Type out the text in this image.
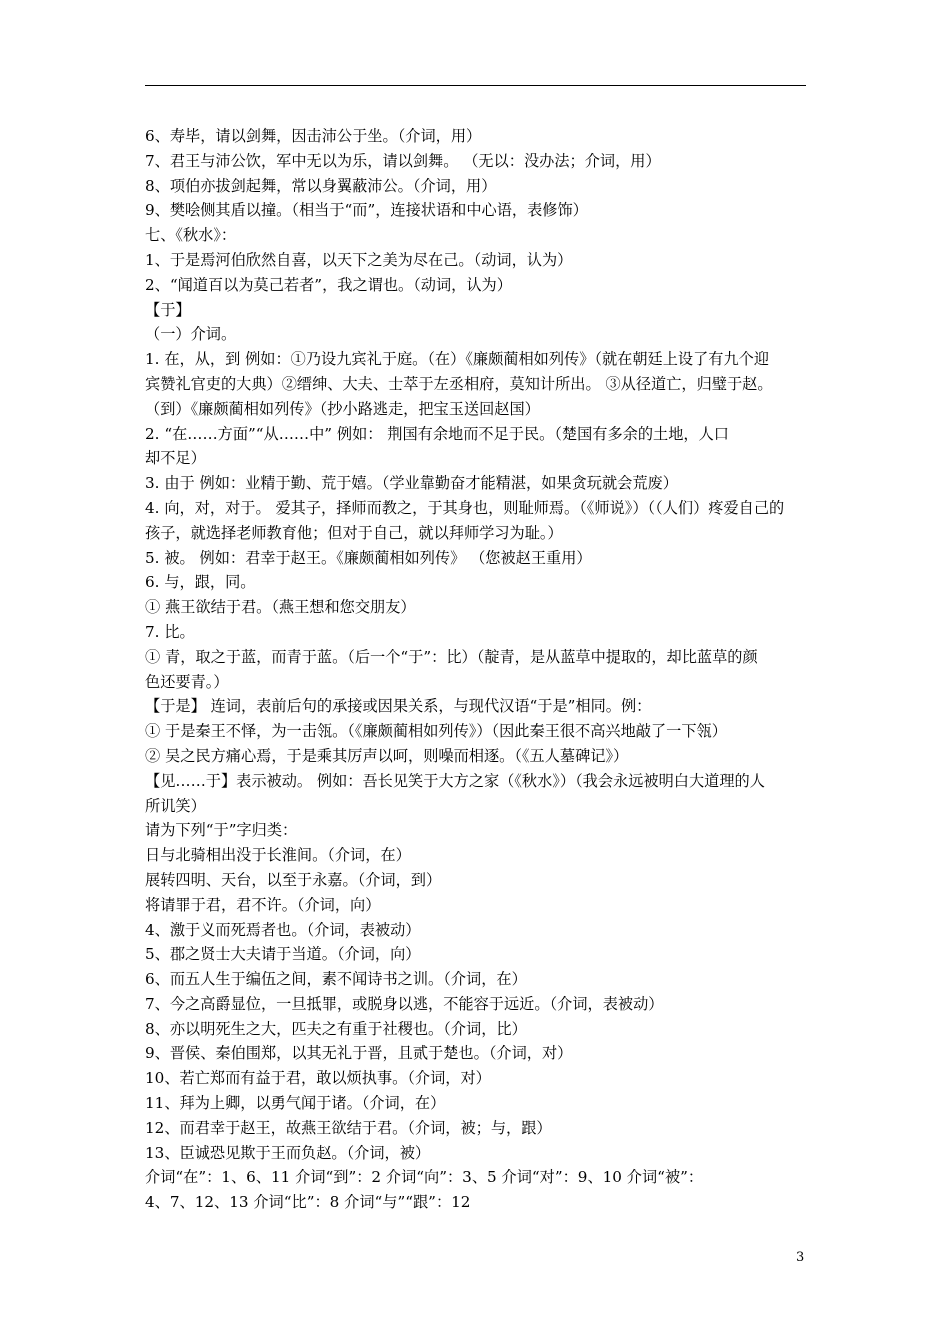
6、寿毕，请以剑舞，因击沛公于坐。（介词，用）
7、君王与沛公饮，军中无以为乐，请以剑舞。 （无以：没办法；介词，用）
8、项伯亦拔剑起舞，常以身翼蔽沛公。（介词，用）
9、樊哙侧其盾以撞。（相当于“而”，连接状语和中心语，表修饰）
七、《秋水》：
1、于是焉河伯欣然自喜，以天下之美为尽在己。（动词，认为）
2、“闻道百以为莫己若者”，我之谓也。（动词，认为）
【于】
（一）介词。
1. 在，从，到 例如：①乃设九宾礼于庭。（在）《廉颇蔺相如列传》（就在朝廷上设了有九个迎
宾赞礼官吏的大典）②缙绅、大夫、士萃于左丞相府，莫知计所出。 ③从径道亡，归璧于赵。
（到）《廉颇蔺相如列传》（抄小路逃走，把宝玉送回赵国）
2. “在……方面”“从……中” 例如： 荆国有余地而不足于民。（楚国有多余的土地，人口
却不足）
3. 由于 例如：业精于勤、荒于嬉。（学业靠勤奋才能精湛，如果贪玩就会荒废）
4. 向，对，对于。 爱其子，择师而教之，于其身也，则耻师焉。（《师说》）（（人们）疼爱自己的
孩子，就选择老师教育他；但对于自己，就以拜师学习为耻。）
5. 被。 例如：君幸于赵王。《廉颇蔺相如列传》 （您被赵王重用）
6. 与，跟，同。
① 燕王欲结于君。（燕王想和您交朋友）
7. 比。
① 青，取之于蓝，而青于蓝。（后一个“于”：比）（靛青，是从蓝草中提取的，却比蓝草的颜
色还要青。）
【于是】 连词，表前后句的承接或因果关系，与现代汉语“于是”相同。例：
① 于是秦王不怿，为一击瓴。（《廉颇蔺相如列传》）（因此秦王很不高兴地敲了一下瓴）
② 吴之民方痛心焉，于是乘其厉声以呵，则噪而相逐。（《五人墓碑记》）
【见……于】表示被动。 例如：吾长见笑于大方之家（《秋水》）（我会永远被明白大道理的人
所讥笑）
请为下列“于”字归类：
日与北骑相出没于长淮间。（介词，在）
展转四明、天台，以至于永嘉。（介词，到）
将请罪于君，君不许。（介词，向）
4、激于义而死焉者也。（介词，表被动）
5、郡之贤士大夫请于当道。（介词，向）
6、而五人生于编伍之间，素不闻诗书之训。（介词，在）
7、今之高爵显位，一旦抵罪，或脱身以逃，不能容于远近。（介词，表被动）
8、亦以明死生之大，匹夫之有重于社稷也。（介词，比）
9、晋侯、秦伯围郑，以其无礼于晋，且贰于楚也。（介词，对）
10、若亡郑而有益于君，敢以烦执事。（介词，对）
11、拜为上卿，以勇气闻于诸。（介词，在）
12、而君幸于赵王，故燕王欲结于君。（介词，被；与，跟）
13、臣诚恐见欺于王而负赵。（介词，被）
介词“在”：1、6、11 介词“到”：2 介词“向”：3、5 介词“对”：9、10 介词“被”：
4、7、12、13 介词“比”：8 介词“与”“跟”：12
3
